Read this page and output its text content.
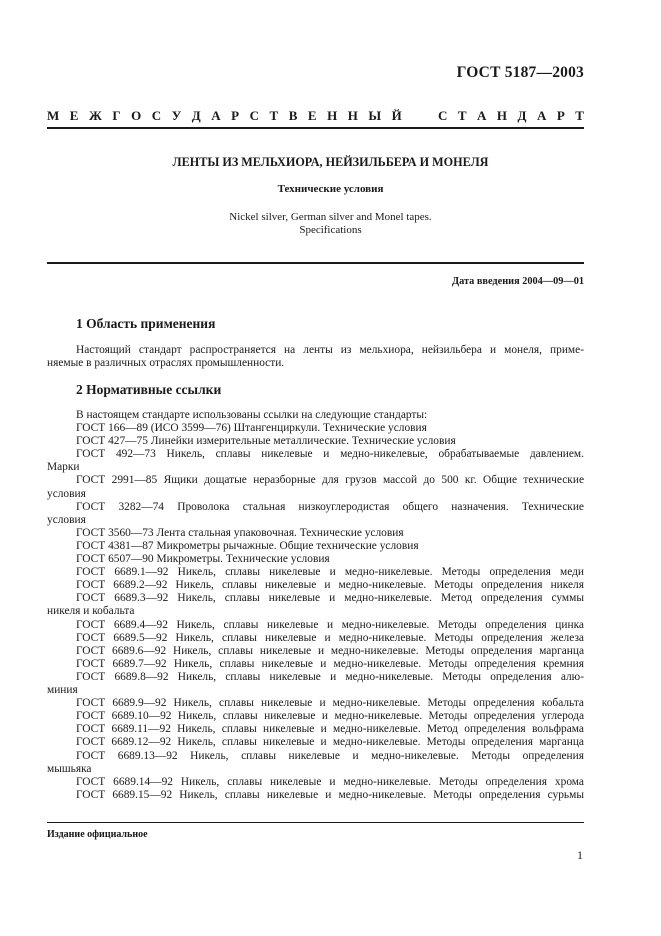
ГОСТ 5187—2003
М Е Ж Г О С У Д А Р С Т В Е Н Н Ы Й	С Т А Н Д А Р Т
ЛЕНТЫ ИЗ МЕЛЬХИОРА, НЕЙЗИЛЬБЕРА И МОНЕЛЯ
Технические условия
Nickel silver, German silver and Monel tapes.
Specifications
Дата введения 2004—09—01
1 Область применения
Настоящий стандарт распространяется на ленты из мельхиора, нейзильбера и монеля, приме-
няемые в различных отраслях промышленности.
2 Нормативные ссылки
В настоящем стандарте использованы ссылки на следующие стандарты:
ГОСТ 166—89 (ИСО 3599—76) Штангенциркули. Технические условия
ГОСТ 427—75 Линейки измерительные металлические. Технические условия
ГОСТ 492—73 Никель, сплавы никелевые и медно-никелевые, обрабатываемые давлением.
Марки
ГОСТ 2991—85 Ящики дощатые неразборные для грузов массой до 500 кг. Общие технические
условия
ГОСТ 3282—74 Проволока стальная низкоуглеродистая общего назначения. Технические
условия
ГОСТ 3560—73 Лента стальная упаковочная. Технические условия
ГОСТ 4381—87 Микрометры рычажные. Общие технические условия
ГОСТ 6507—90 Микрометры. Технические условия
ГОСТ 6689.1—92 Никель, сплавы никелевые и медно-никелевые. Методы определения меди
ГОСТ 6689.2—92 Никель, сплавы никелевые и медно-никелевые. Методы определения никеля
ГОСТ 6689.3—92 Никель, сплавы никелевые и медно-никелевые. Метод определения суммы
никеля и кобальта
ГОСТ 6689.4—92 Никель, сплавы никелевые и медно-никелевые. Методы определения цинка
ГОСТ 6689.5—92 Никель, сплавы никелевые и медно-никелевые. Методы определения железа
ГОСТ 6689.6—92 Никель, сплавы никелевые и медно-никелевые. Методы определения марганца
ГОСТ 6689.7—92 Никель, сплавы никелевые и медно-никелевые. Методы определения кремния
ГОСТ 6689.8—92 Никель, сплавы никелевые и медно-никелевые. Методы определения алю-
миния
ГОСТ 6689.9—92 Никель, сплавы никелевые и медно-никелевые. Методы определения кобальта
ГОСТ 6689.10—92 Никель, сплавы никелевые и медно-никелевые. Методы определения углерода
ГОСТ 6689.11—92 Никель, сплавы никелевые и медно-никелевые. Метод определения вольфрама
ГОСТ 6689.12—92 Никель, сплавы никелевые и медно-никелевые. Методы определения марганца
ГОСТ 6689.13—92 Никель, сплавы никелевые и медно-никелевые. Методы определения
мышьяка
ГОСТ 6689.14—92 Никель, сплавы никелевые и медно-никелевые. Методы определения хрома
ГОСТ 6689.15—92 Никель, сплавы никелевые и медно-никелевые. Методы определения сурьмы
Издание официальное
1
